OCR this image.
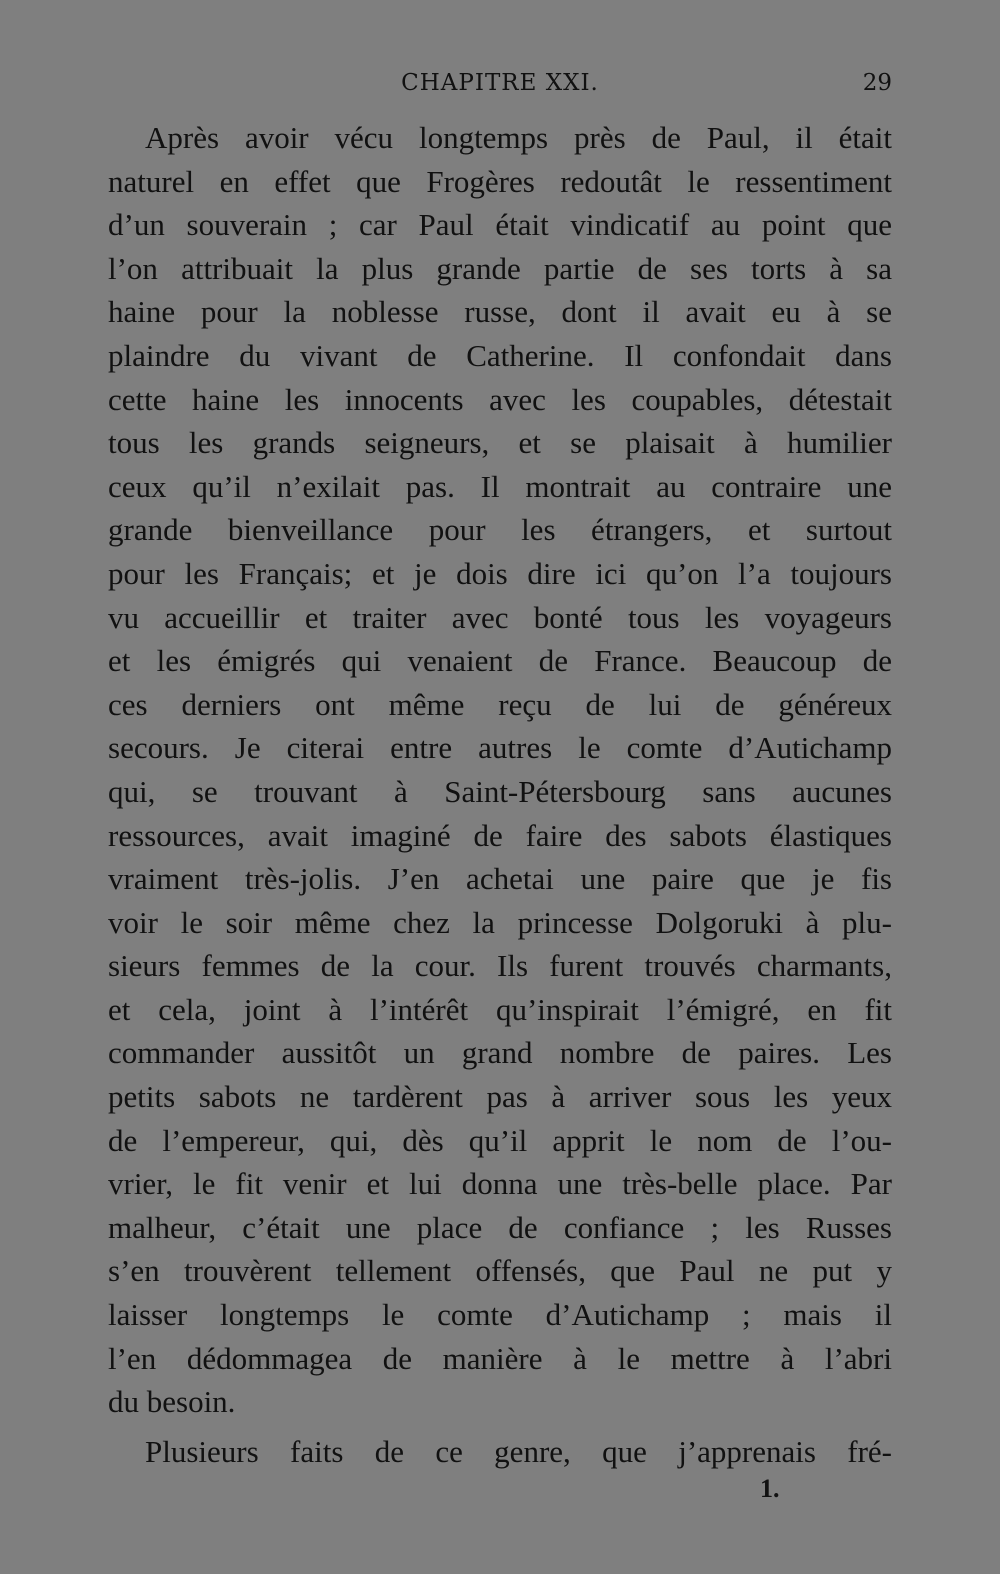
CHAPITRE XXI.	29
Après avoir vécu longtemps près de Paul, il était
naturel en effet que Frogères redoutât le ressentiment
d’un souverain ; car Paul était vindicatif au point que
l’on attribuait la plus grande partie de ses torts à sa
haine pour la noblesse russe, dont il avait eu à se
plaindre du vivant de Catherine. Il confondait dans
cette haine les innocents avec les coupables, détestait
tous les grands seigneurs, et se plaisait à humilier
ceux qu’il n’exilait pas. Il montrait au contraire une
grande bienveillance pour les étrangers, et surtout
pour les Français; et je dois dire ici qu’on l’a toujours
vu accueillir et traiter avec bonté tous les voyageurs
et les émigrés qui venaient de France. Beaucoup de
ces derniers ont même reçu de lui de généreux
secours. Je citerai entre autres le comte d’Autichamp
qui, se trouvant à Saint-Pétersbourg sans aucunes
ressources, avait imaginé de faire des sabots élastiques
vraiment très-jolis. J’en achetai une paire que je fis
voir le soir même chez la princesse Dolgoruki à plu-
sieurs femmes de la cour. Ils furent trouvés charmants,
et cela, joint à l’intérêt qu’inspirait l’émigré, en fit
commander aussitôt un grand nombre de paires. Les
petits sabots ne tardèrent pas à arriver sous les yeux
de l’empereur, qui, dès qu’il apprit le nom de l’ou-
vrier, le fit venir et lui donna une très-belle place. Par
malheur, c’était une place de confiance ; les Russes
s’en trouvèrent tellement offensés, que Paul ne put y
laisser longtemps le comte d’Autichamp ; mais il
l’en dédommagea de manière à le mettre à l’abri
du besoin.
Plusieurs faits de ce genre, que j’apprenais fré-
1.
